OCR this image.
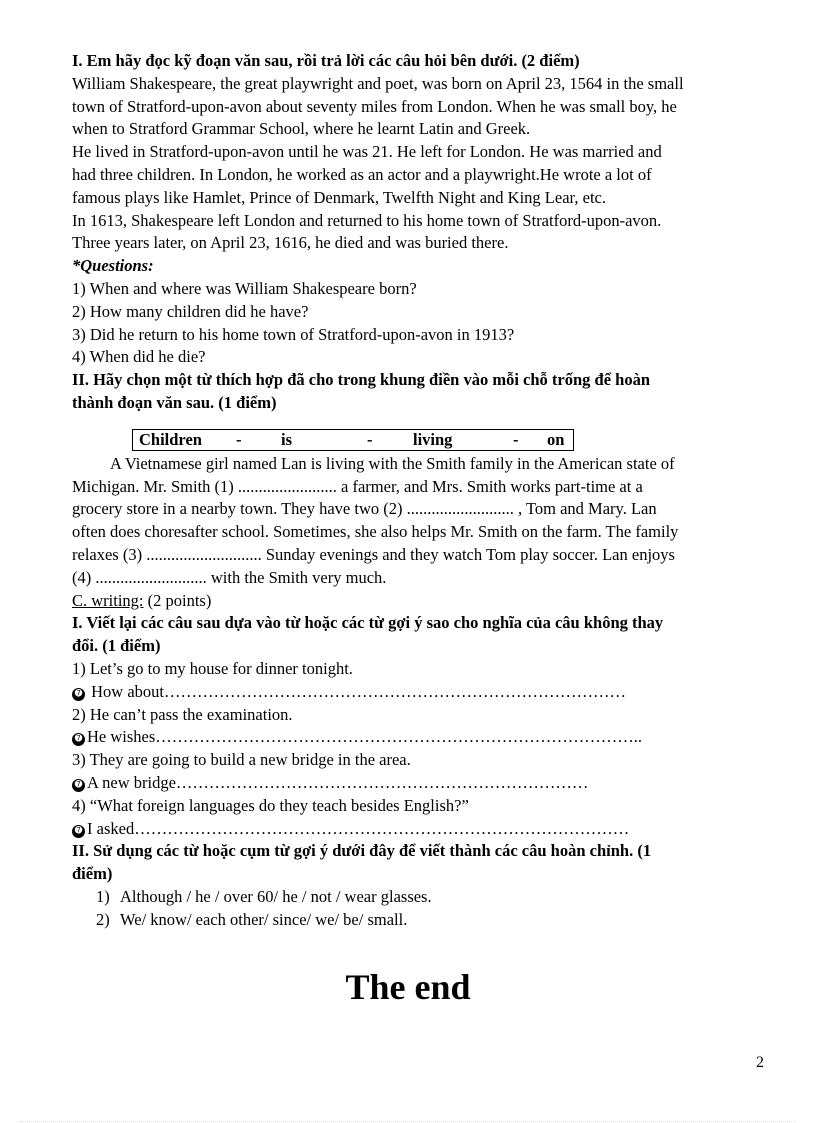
I. Em hãy đọc kỹ đoạn văn sau, rồi trả lời các câu hỏi bên dưới. (2 điểm)
William Shakespeare, the great playwright and poet, was born on April 23, 1564 in the small
town of Stratford-upon-avon about seventy miles from London. When he was small boy, he
when to Stratford Grammar School, where he learnt Latin and Greek.
He lived in Stratford-upon-avon until he was 21. He left for London. He was married and
had three children. In London, he worked as an actor and a playwright.He wrote a lot of
famous plays like Hamlet, Prince of Denmark, Twelfth Night and King Lear, etc.
In 1613, Shakespeare left London and returned to his home town of Stratford-upon-avon.
Three years later, on April 23, 1616, he died and was buried there.
*Questions:
1) When and where was William Shakespeare born?
2) How many children did he have?
3) Did he return to his home town of Stratford-upon-avon in 1913?
4) When did he die?
II. Hãy chọn một từ thích hợp đã cho trong khung điền vào mỗi chỗ trống để hoàn
thành đoạn văn sau. (1 điểm)
Children - is	- living	- on
A Vietnamese girl named Lan is living with the Smith family in the American state of
Michigan. Mr. Smith (1) ........................ a farmer, and Mrs. Smith works part-time at a
grocery store in a nearby town. They have two (2) .......................... , Tom and Mary. Lan
often does choresafter school. Sometimes, she also helps Mr. Smith on the farm. The family
relaxes (3) ............................ Sunday evenings and they watch Tom play soccer. Lan enjoys
(4) ........................... with the Smith very much.
C. writing: (2 points)
I. Viết lại các câu sau dựa vào từ hoặc các từ gợi ý sao cho nghĩa của câu không thay
đổi. (1 điểm)
1) Let’s go to my house for dinner tonight.
➐ How about…………………………………………………………………………
2) He can’t pass the examination.
➐ He wishes……………………………………………………………………………..
3) They are going to build a new bridge in the area.
➐ A new bridge…………………………………………………………………
4) “What foreign languages do they teach besides English?”
➐ I asked………………………………………………………………………………
II. Sử dụng các từ hoặc cụm từ gợi ý dưới đây để viết thành các câu hoàn chỉnh. (1
điểm)
1) Although / he / over 60/ he / not / wear glasses.
2) We/ know/ each other/ since/ we/ be/ small.
The end
2
